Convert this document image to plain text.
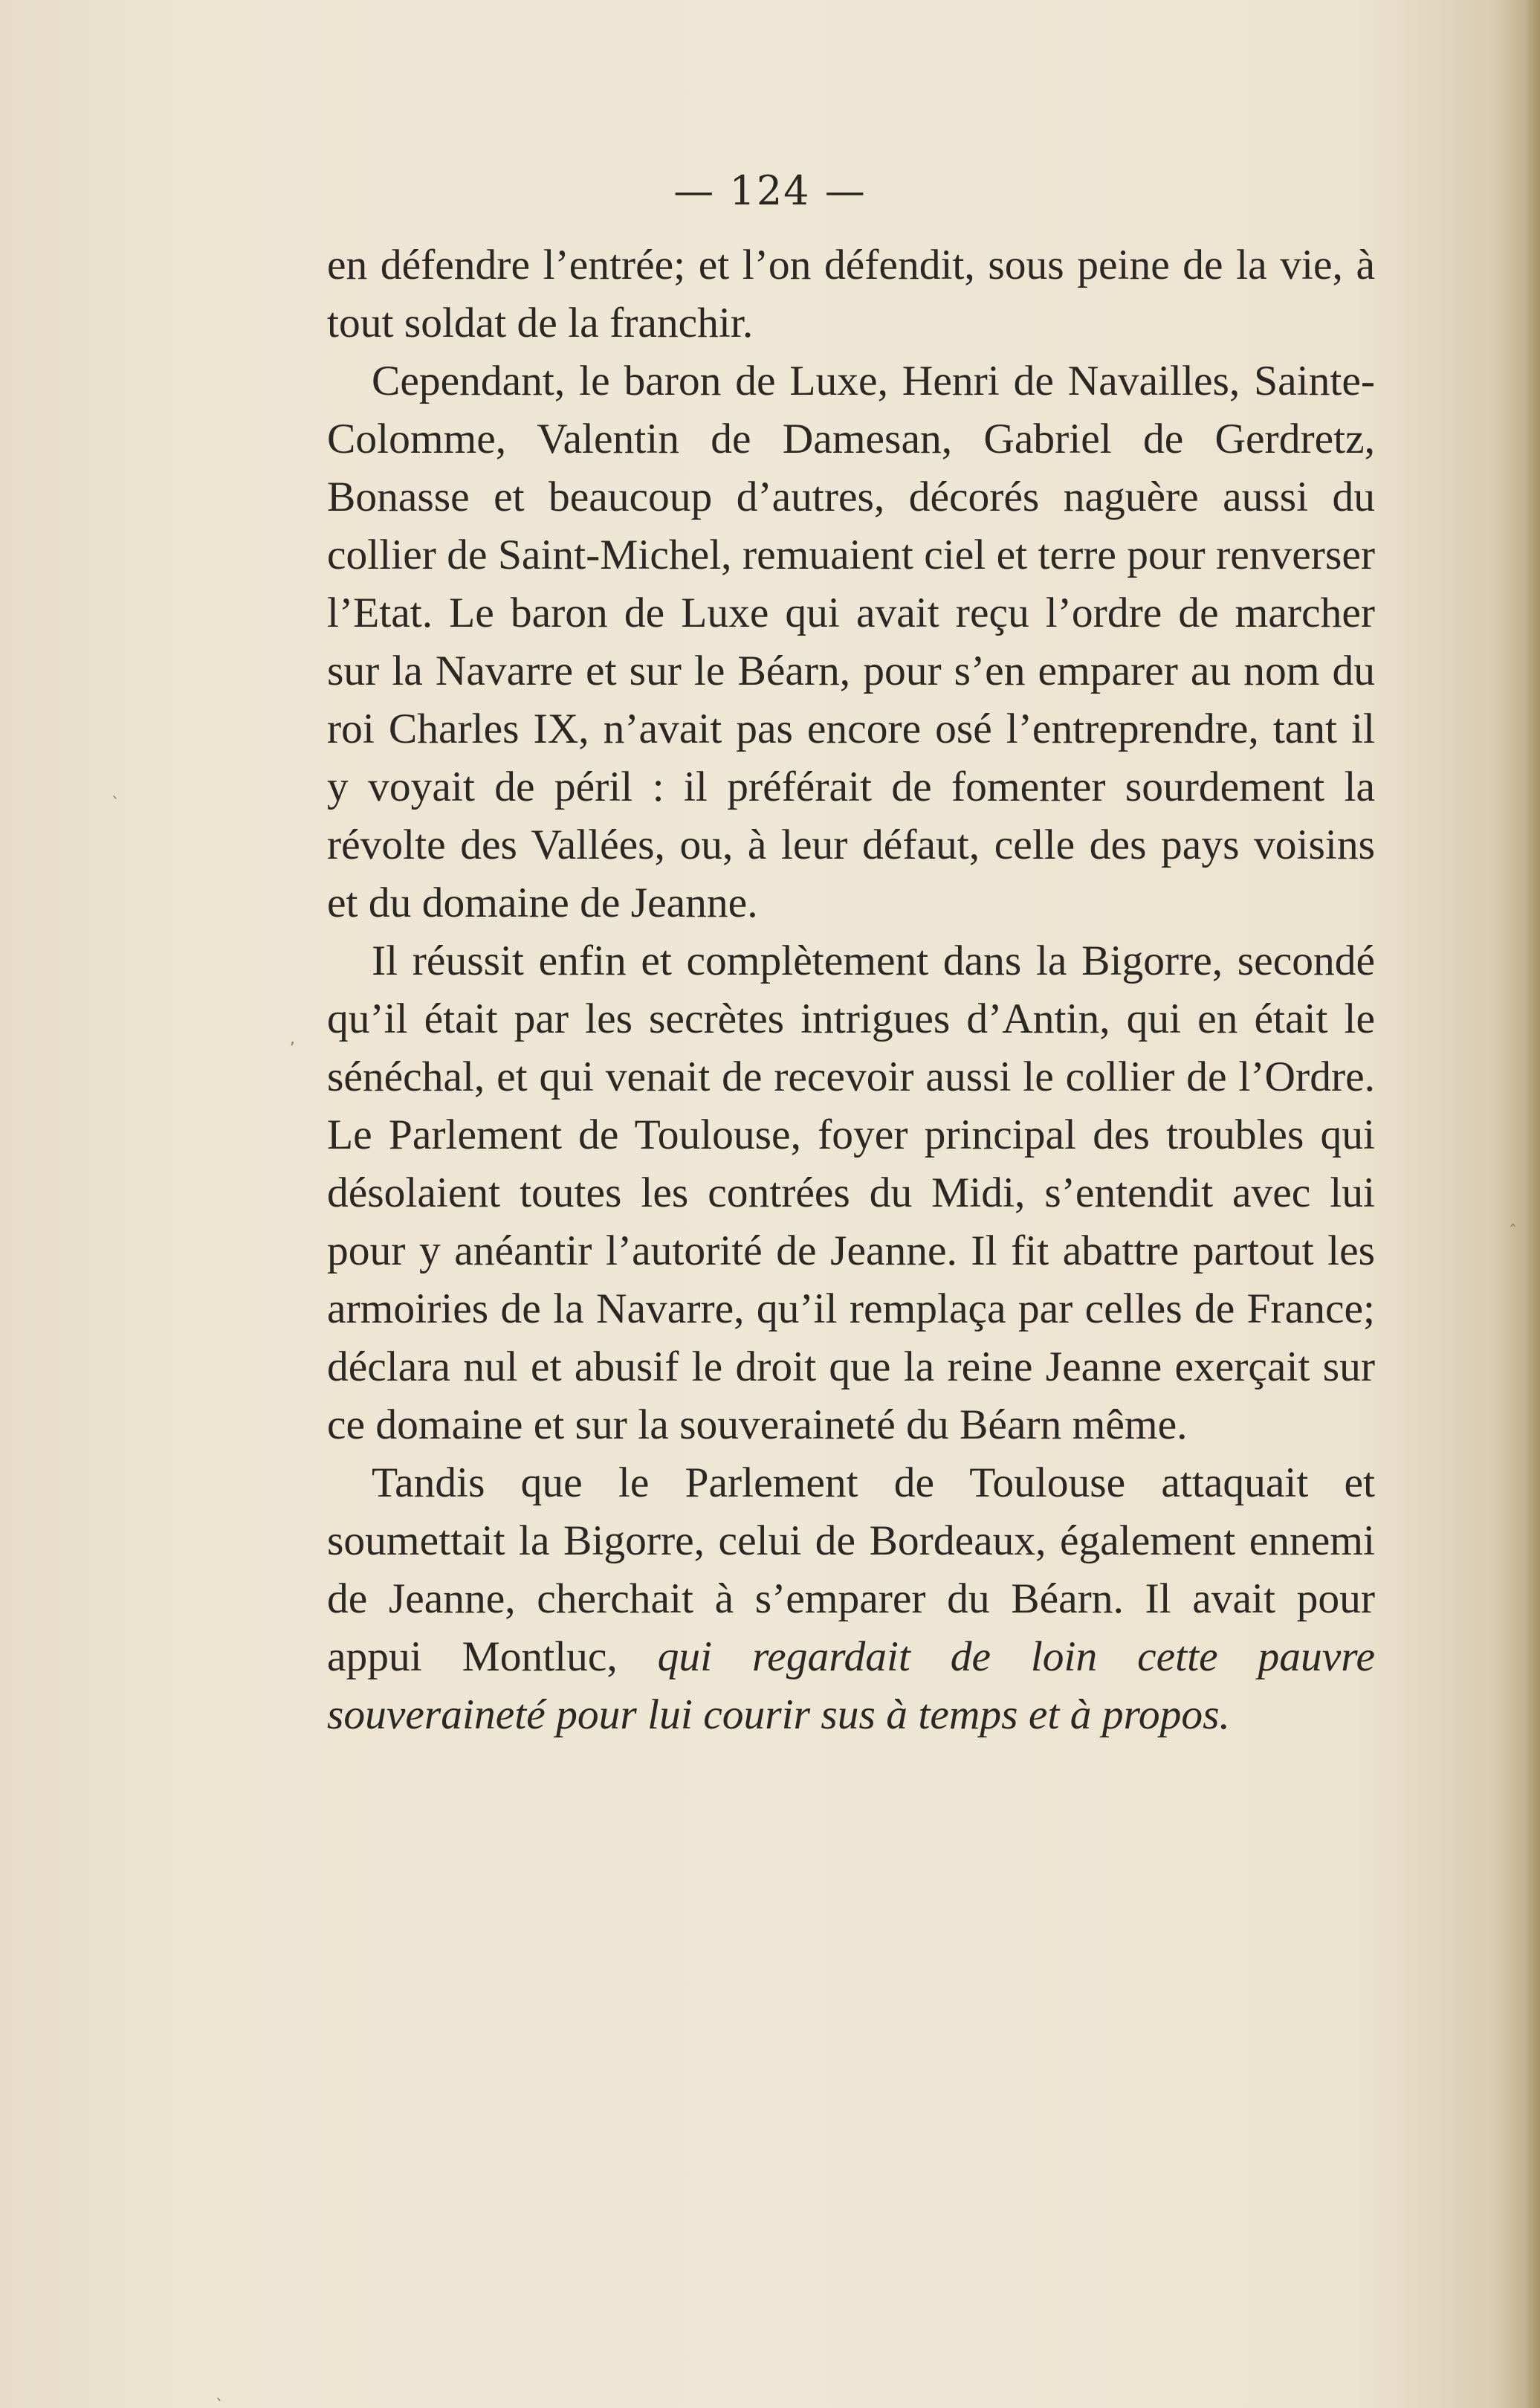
— 124 —

en défendre l’entrée; et l’on défendit, sous peine de la vie, à tout soldat de la franchir.

Cependant, le baron de Luxe, Henri de Navailles, Sainte-Colomme, Valentin de Damesan, Gabriel de Gerdretz, Bonasse et beaucoup d’autres, décorés naguère aussi du collier de Saint-Michel, remuaient ciel et terre pour renverser l’Etat. Le baron de Luxe qui avait reçu l’ordre de marcher sur la Navarre et sur le Béarn, pour s’en emparer au nom du roi Charles IX, n’avait pas encore osé l’entreprendre, tant il y voyait de péril : il préférait de fomenter sourdement la révolte des Vallées, ou, à leur défaut, celle des pays voisins et du domaine de Jeanne.

Il réussit enfin et complètement dans la Bigorre, secondé qu’il était par les secrètes intrigues d’Antin, qui en était le sénéchal, et qui venait de recevoir aussi le collier de l’Ordre. Le Parlement de Toulouse, foyer principal des troubles qui désolaient toutes les contrées du Midi, s’entendit avec lui pour y anéantir l’autorité de Jeanne. Il fit abattre partout les armoiries de la Navarre, qu’il remplaça par celles de France; déclara nul et abusif le droit que la reine Jeanne exerçait sur ce domaine et sur la souveraineté du Béarn même.

Tandis que le Parlement de Toulouse attaquait et soumettait la Bigorre, celui de Bordeaux, également ennemi de Jeanne, cherchait à s’emparer du Béarn. Il avait pour appui Montluc, qui regardait de loin cette pauvre souveraineté pour lui courir sus à temps et à propos.

ˎ
,
ˆ
ˎ
